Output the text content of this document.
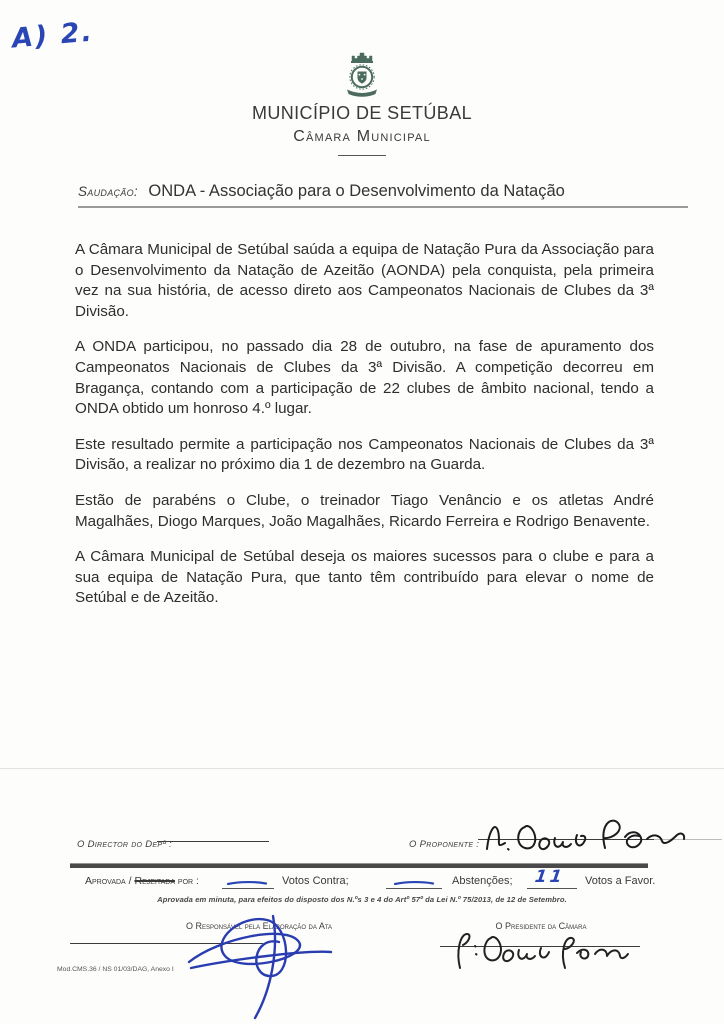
A) 2.
MUNICÍPIO DE SETÚBAL
Câmara Municipal
Saudação: ONDA - Associação para o Desenvolvimento da Natação

A Câmara Municipal de Setúbal saúda a equipa de Natação Pura da Associação para o Desenvolvimento da Natação de Azeitão (AONDA) pela conquista, pela primeira vez na sua história, de acesso direto aos Campeonatos Nacionais de Clubes da 3ª Divisão.

A ONDA participou, no passado dia 28 de outubro, na fase de apuramento dos Campeonatos Nacionais de Clubes da 3ª Divisão. A competição decorreu em Bragança, contando com a participação de 22 clubes de âmbito nacional, tendo a ONDA obtido um honroso 4.º lugar.

Este resultado permite a participação nos Campeonatos Nacionais de Clubes da 3ª Divisão, a realizar no próximo dia 1 de dezembro na Guarda.

Estão de parabéns o Clube, o treinador Tiago Venâncio e os atletas André Magalhães, Diogo Marques, João Magalhães, Ricardo Ferreira e Rodrigo Benavente.

A Câmara Municipal de Setúbal deseja os maiores sucessos para o clube e para a sua equipa de Natação Pura, que tanto têm contribuído para elevar o nome de Setúbal e de Azeitão.

O Director do Depº :	O Proponente :
Aprovada / Rejeitada por :	Votos Contra;	Abstenções; 11 Votos a Favor.
Aprovada em minuta, para efeitos do disposto dos N.ºs 3 e 4 do Artº 57º da Lei N.º 75/2013, de 12 de Setembro.
O Responsável pela Elaboração da Ata	O Presidente da Câmara
Mod.CMS.36 / NS 01/03/DAG, Anexo I
